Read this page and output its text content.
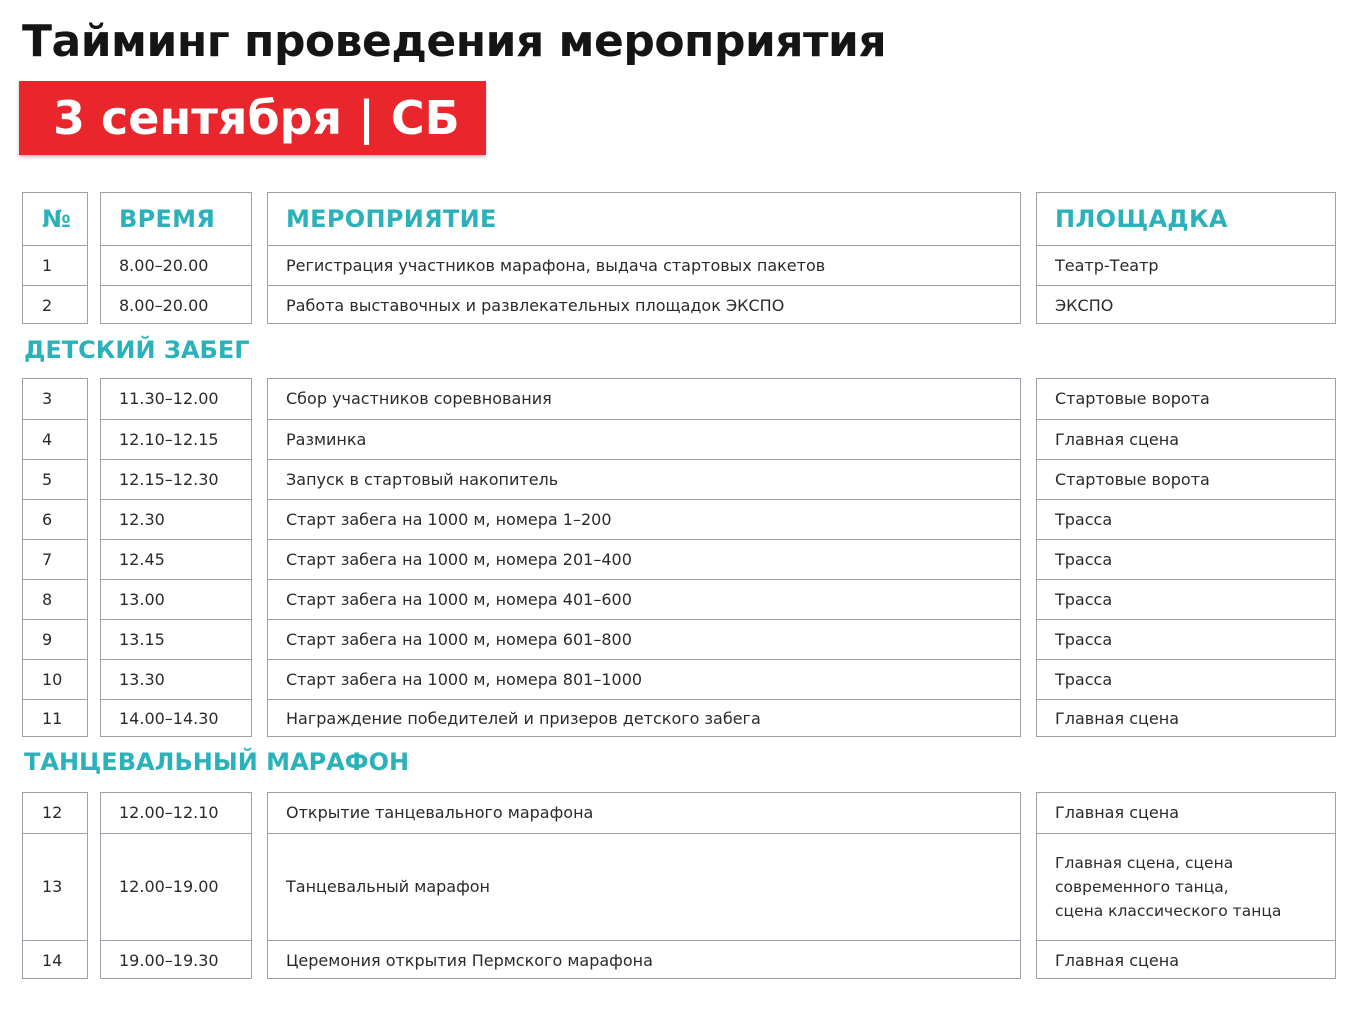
Тайминг проведения мероприятия
3 сентября | СБ
№
1
2
ВРЕМЯ
8.00–20.00
8.00–20.00
МЕРОПРИЯТИЕ
Регистрация участников марафона, выдача стартовых пакетов
Работа выставочных и развлекательных площадок ЭКСПО
ПЛОЩАДКА
Театр-Театр
ЭКСПО
ДЕТСКИЙ ЗАБЕГ
3
4
5
6
7
8
9
10
11
11.30–12.00
12.10–12.15
12.15–12.30
12.30
12.45
13.00
13.15
13.30
14.00–14.30
Сбор участников соревнования
Разминка
Запуск в стартовый накопитель
Старт забега на 1000 м, номера 1–200
Старт забега на 1000 м, номера 201–400
Старт забега на 1000 м, номера 401–600
Старт забега на 1000 м, номера 601–800
Старт забега на 1000 м, номера 801–1000
Награждение победителей и призеров детского забега
Стартовые ворота
Главная сцена
Стартовые ворота
Трасса
Трасса
Трасса
Трасса
Трасса
Главная сцена
ТАНЦЕВАЛЬНЫЙ МАРАФОН
12
13
14
12.00–12.10
12.00–19.00
19.00–19.30
Открытие танцевального марафона
Танцевальный марафон
Церемония открытия Пермского марафона
Главная сцена
Главная сцена, сцена
современного танца,
сцена классического танца
Главная сцена
